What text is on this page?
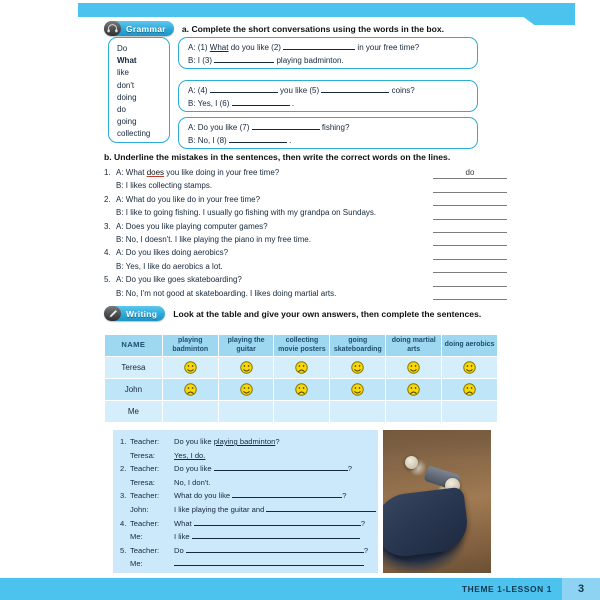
Grammar a. Complete the short conversations using the words in the box.
Do
What
like
don't
doing
do
going
collecting

A: (1) What do you like (2)	in your free time?

B: I (3)	playing badminton.

A: (4)	you like (5)	coins?

B: Yes, I (6)	.

A: Do you like (7)	fishing?

B: No, I (8)	.

b. Underline the mistakes in the sentences, then write the correct words on the lines.
1. A: What does you like doing in your free time?
B: I likes collecting stamps.
2. A: What do you like do in your free time?
B: I like to going fishing. I usually go fishing with my grandpa on Sundays.
3. A: Does you like playing computer games?
B: No, I doesn't. I like playing the piano in my free time.
4. A: Do you likes doing aerobics?
B: Yes, I like do aerobics a lot.
5. A: Do you like goes skateboarding?
B: No, I'm not good at skateboarding. I likes doing martial arts.
do
Writing Look at the table and give your own answers, then complete the sentences.
NAME	playing badminton	playing the guitar	collecting movie posters	going skateboarding	doing martial arts	doing aerobics
Teresa						
John						
Me						
1. Teacher: Do you like playing badminton?
Teresa:	Yes, I do.
2. Teacher: Do you like	?
Teresa:	No, I don't.
3. Teacher: What do you like	?
John:	I like playing the guitar and
4. Teacher: What	?
Me:	I like
5. Teacher: Do	?
Me:
THEME 1-LESSON 1	3
